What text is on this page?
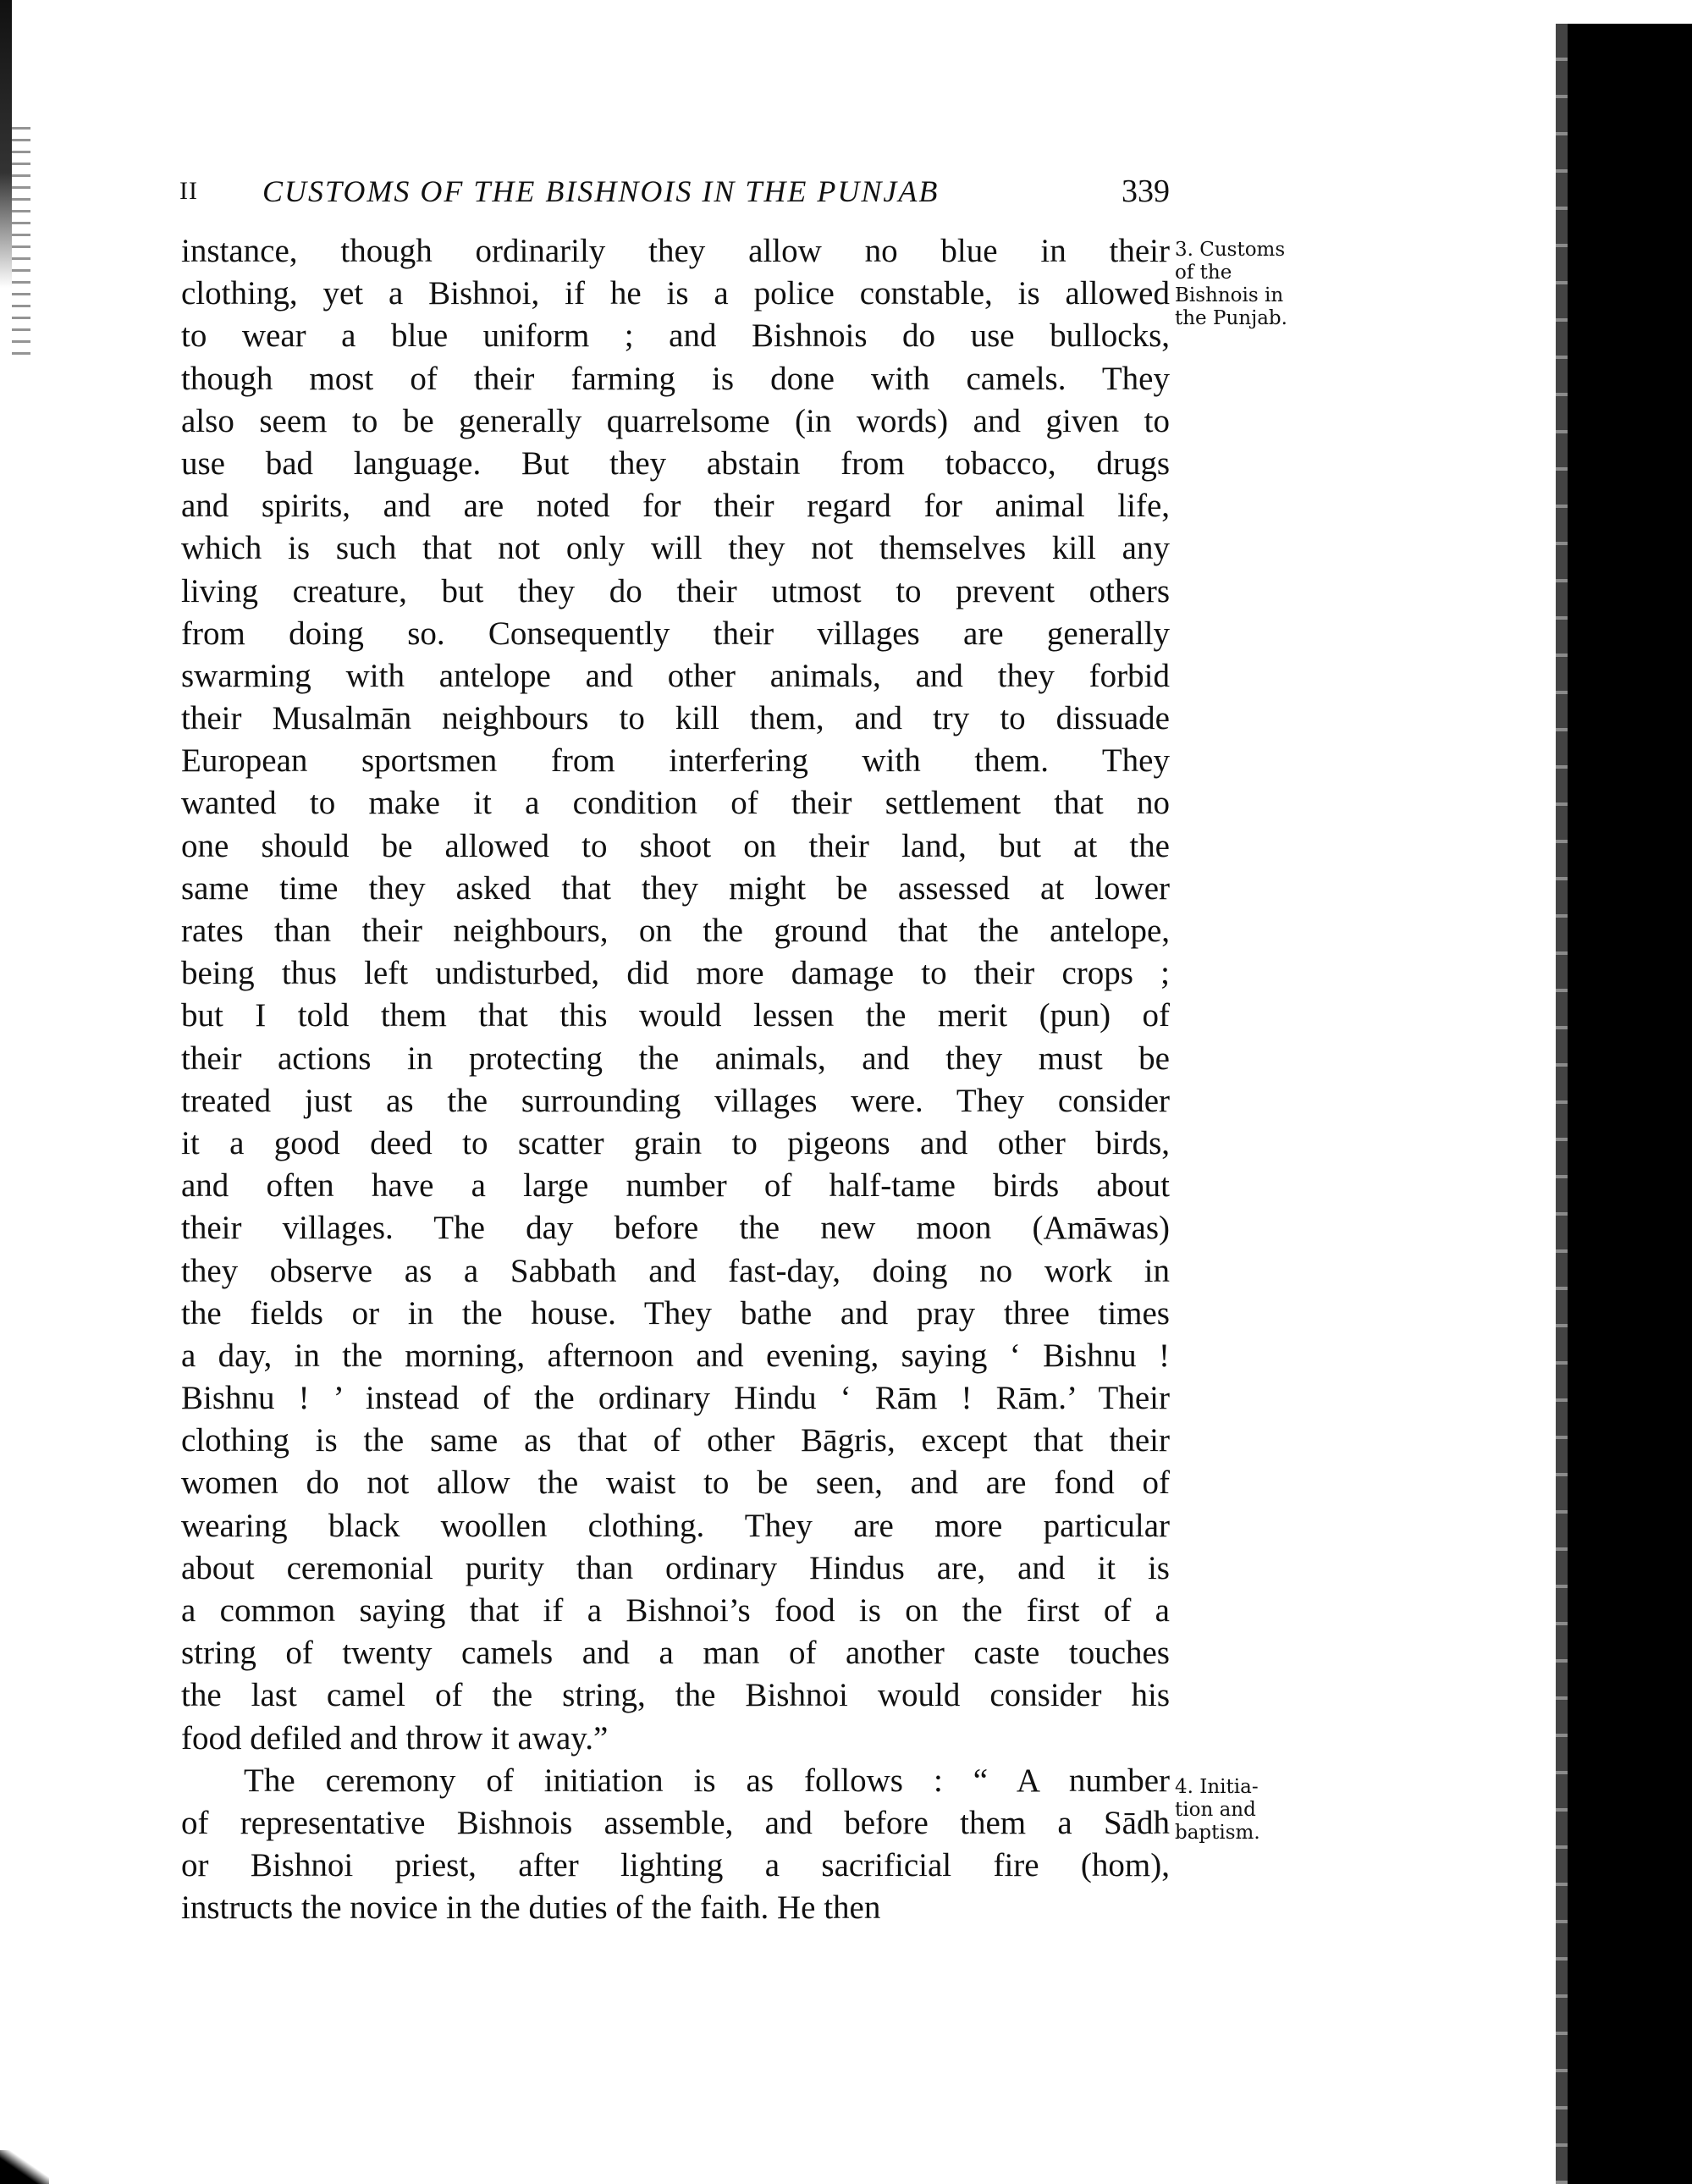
II CUSTOMS OF THE BISHNOIS IN THE PUNJAB	339
instance, though ordinarily they allow no blue in their
clothing, yet a Bishnoi, if he is a police constable, is allowed
to wear a blue uniform ; and Bishnois do use bullocks,
though most of their farming is done with camels. They
also seem to be generally quarrelsome (in words) and given to
use bad language. But they abstain from tobacco, drugs
and spirits, and are noted for their regard for animal life,
which is such that not only will they not themselves kill any
living creature, but they do their utmost to prevent others
from doing so. Consequently their villages are generally
swarming with antelope and other animals, and they forbid
their Musalmān neighbours to kill them, and try to dissuade
European sportsmen from interfering with them. They
wanted to make it a condition of their settlement that no
one should be allowed to shoot on their land, but at the
same time they asked that they might be assessed at lower
rates than their neighbours, on the ground that the antelope,
being thus left undisturbed, did more damage to their crops ;
but I told them that this would lessen the merit (pun) of
their actions in protecting the animals, and they must be
treated just as the surrounding villages were. They consider
it a good deed to scatter grain to pigeons and other birds,
and often have a large number of half-tame birds about
their villages. The day before the new moon (Amāwas)
they observe as a Sabbath and fast-day, doing no work in
the fields or in the house. They bathe and pray three times
a day, in the morning, afternoon and evening, saying ‘ Bishnu !
Bishnu ! ’ instead of the ordinary Hindu ‘ Rām ! Rām.’ Their
clothing is the same as that of other Bāgris, except that their
women do not allow the waist to be seen, and are fond of
wearing black woollen clothing. They are more particular
about ceremonial purity than ordinary Hindus are, and it is
a common saying that if a Bishnoi’s food is on the first of a
string of twenty camels and a man of another caste touches
the last camel of the string, the Bishnoi would consider his
food defiled and throw it away.”
The ceremony of initiation is as follows : “ A number
of representative Bishnois assemble, and before them a Sādh
or Bishnoi priest, after lighting a sacrificial fire (hom),
instructs the novice in the duties of the faith. He then
3. Customs
of the
Bishnois in
the Punjab.
4. Initia-
tion and
baptism.
